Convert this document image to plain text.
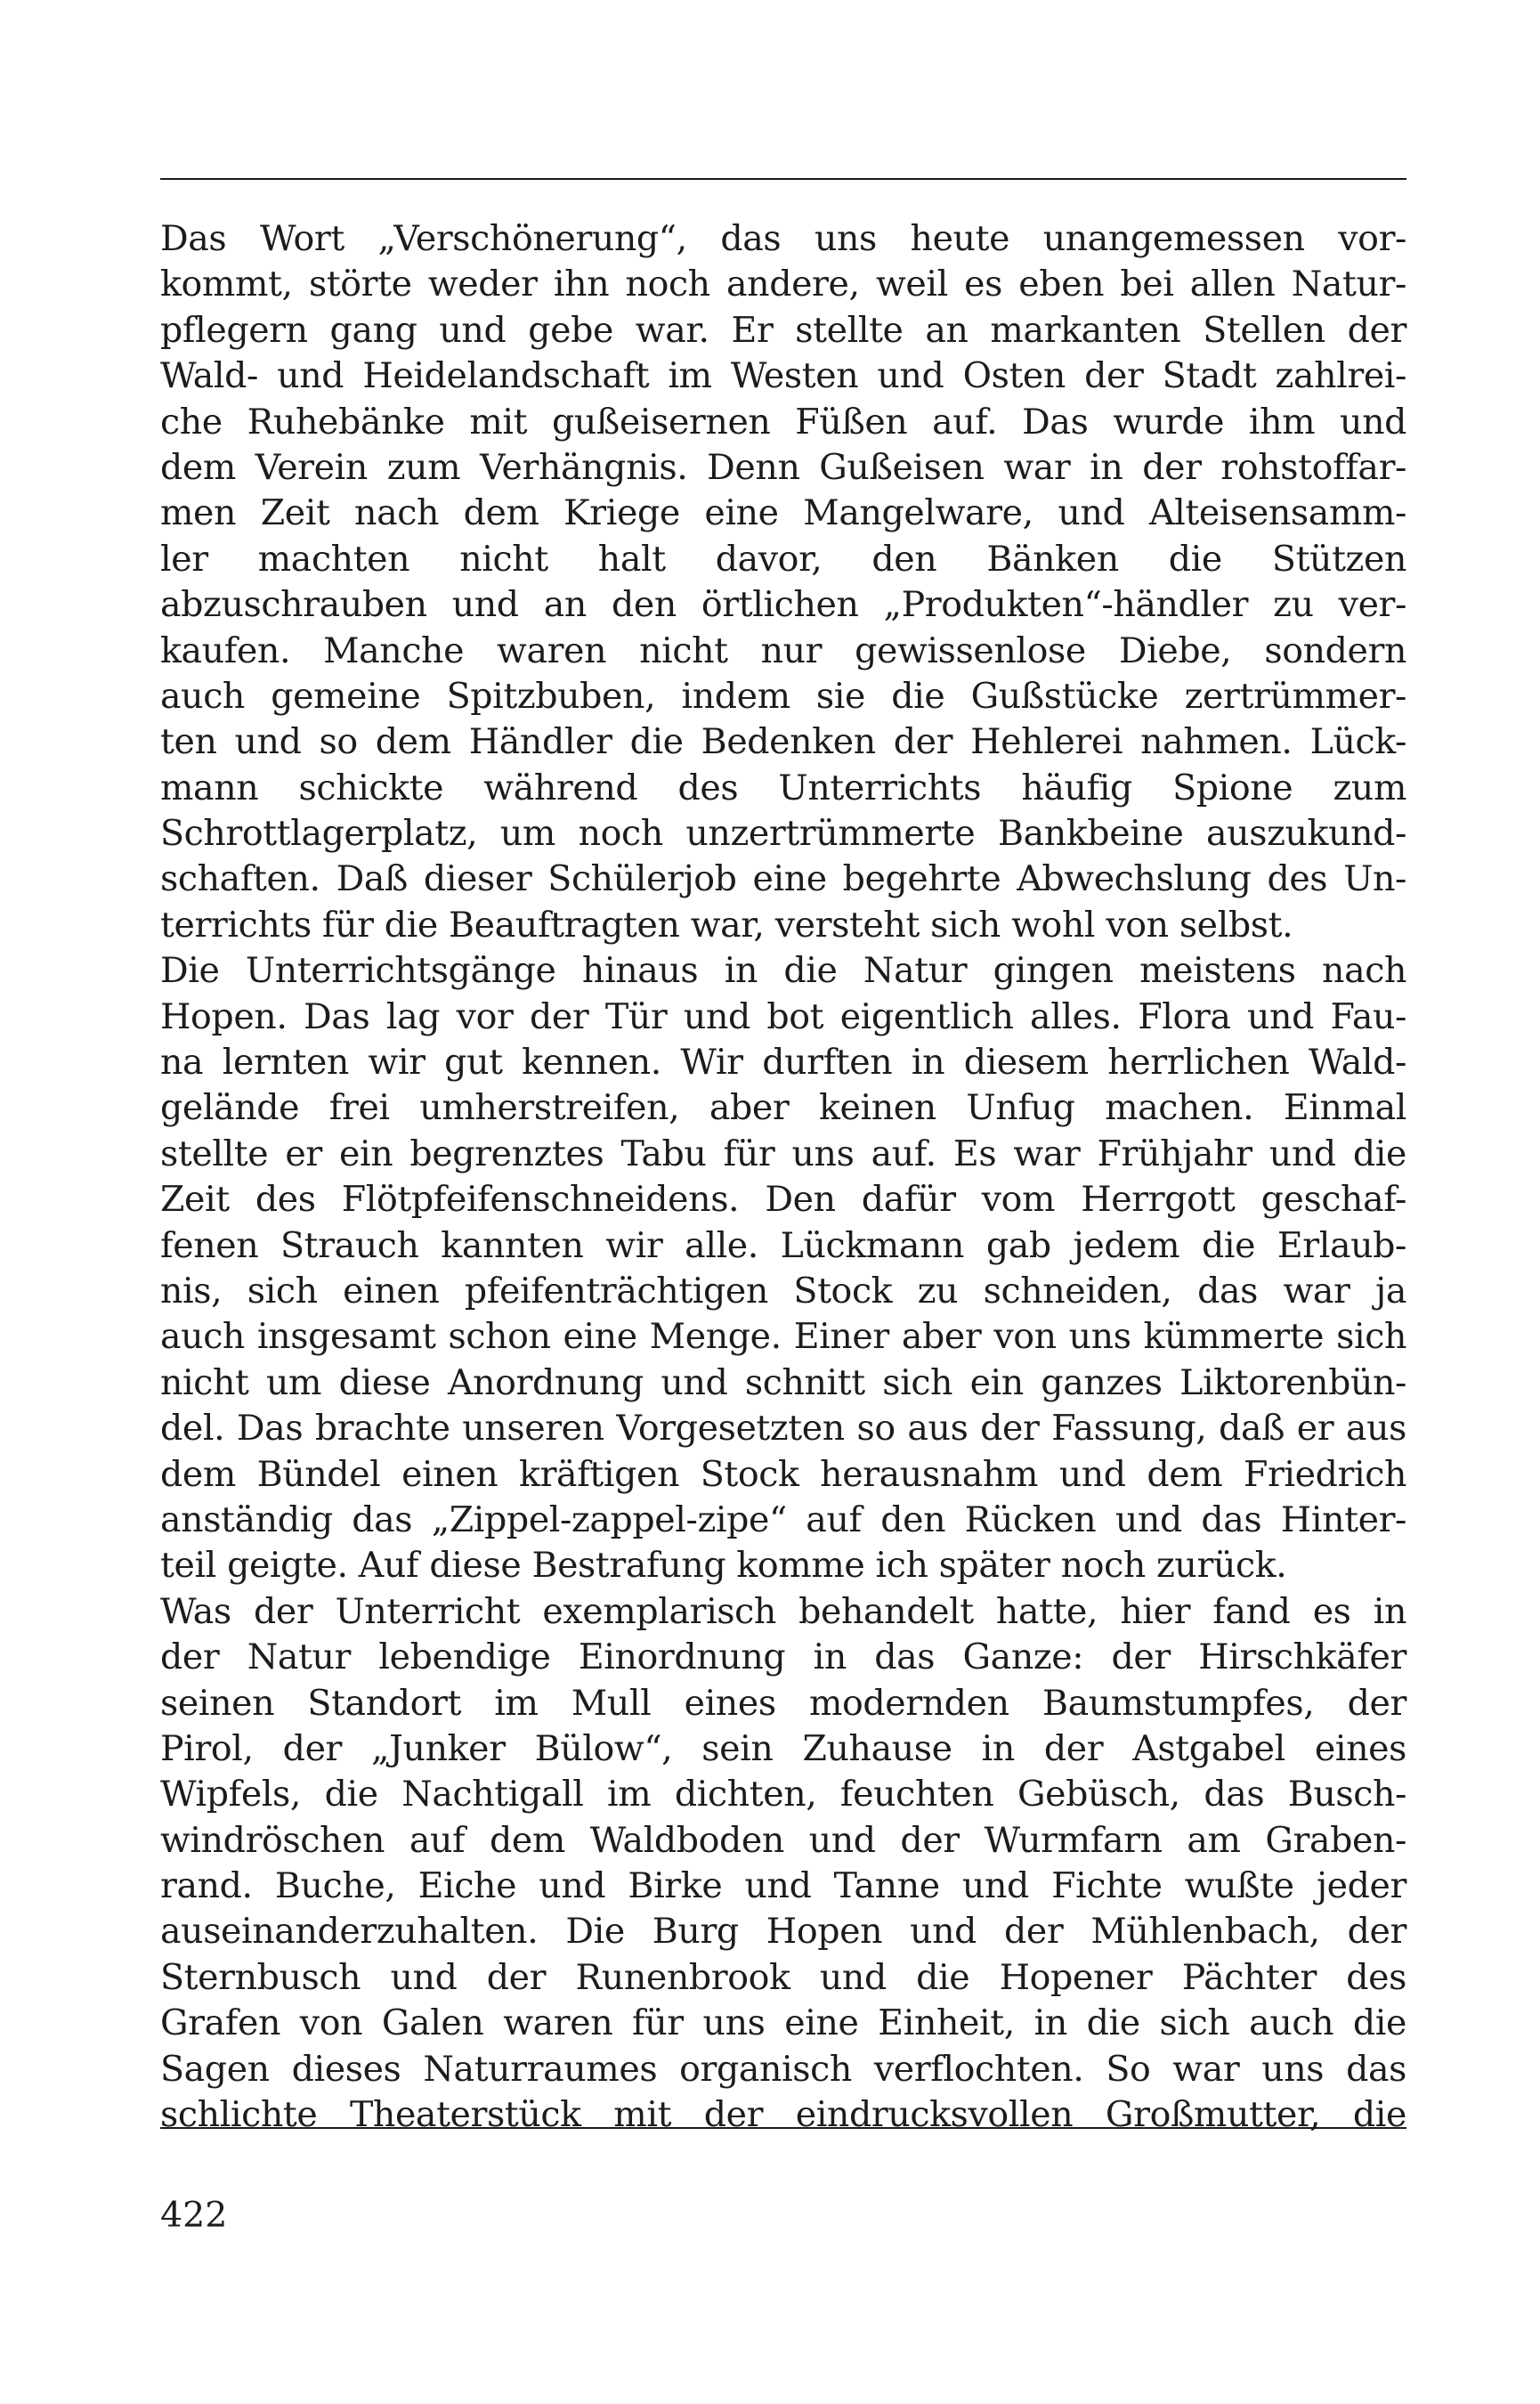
Das Wort „Verschönerung“, das uns heute unangemessen vor-
kommt, störte weder ihn noch andere, weil es eben bei allen Natur-
pflegern gang und gebe war. Er stellte an markanten Stellen der
Wald- und Heidelandschaft im Westen und Osten der Stadt zahlrei-
che Ruhebänke mit gußeisernen Füßen auf. Das wurde ihm und
dem Verein zum Verhängnis. Denn Gußeisen war in der rohstoffar-
men Zeit nach dem Kriege eine Mangelware, und Alteisensamm-
ler machten nicht halt davor, den Bänken die Stützen
abzuschrauben und an den örtlichen „Produkten“-händler zu ver-
kaufen. Manche waren nicht nur gewissenlose Diebe, sondern
auch gemeine Spitzbuben, indem sie die Gußstücke zertrümmer-
ten und so dem Händler die Bedenken der Hehlerei nahmen. Lück-
mann schickte während des Unterrichts häufig Spione zum
Schrottlagerplatz, um noch unzertrümmerte Bankbeine auszukund-
schaften. Daß dieser Schülerjob eine begehrte Abwechslung des Un-
terrichts für die Beauftragten war, versteht sich wohl von selbst.
Die Unterrichtsgänge hinaus in die Natur gingen meistens nach
Hopen. Das lag vor der Tür und bot eigentlich alles. Flora und Fau-
na lernten wir gut kennen. Wir durften in diesem herrlichen Wald-
gelände frei umherstreifen, aber keinen Unfug machen. Einmal
stellte er ein begrenztes Tabu für uns auf. Es war Frühjahr und die
Zeit des Flötpfeifenschneidens. Den dafür vom Herrgott geschaf-
fenen Strauch kannten wir alle. Lückmann gab jedem die Erlaub-
nis, sich einen pfeifenträchtigen Stock zu schneiden, das war ja
auch insgesamt schon eine Menge. Einer aber von uns kümmerte sich
nicht um diese Anordnung und schnitt sich ein ganzes Liktorenbün-
del. Das brachte unseren Vorgesetzten so aus der Fassung, daß er aus
dem Bündel einen kräftigen Stock herausnahm und dem Friedrich
anständig das „Zippel-zappel-zipe“ auf den Rücken und das Hinter-
teil geigte. Auf diese Bestrafung komme ich später noch zurück.
Was der Unterricht exemplarisch behandelt hatte, hier fand es in
der Natur lebendige Einordnung in das Ganze: der Hirschkäfer
seinen Standort im Mull eines modernden Baumstumpfes, der
Pirol, der „Junker Bülow“, sein Zuhause in der Astgabel eines
Wipfels, die Nachtigall im dichten, feuchten Gebüsch, das Busch-
windröschen auf dem Waldboden und der Wurmfarn am Graben-
rand. Buche, Eiche und Birke und Tanne und Fichte wußte jeder
auseinanderzuhalten. Die Burg Hopen und der Mühlenbach, der
Sternbusch und der Runenbrook und die Hopener Pächter des
Grafen von Galen waren für uns eine Einheit, in die sich auch die
Sagen dieses Naturraumes organisch verflochten. So war uns das
schlichte Theaterstück mit der eindrucksvollen Großmutter, die
422
